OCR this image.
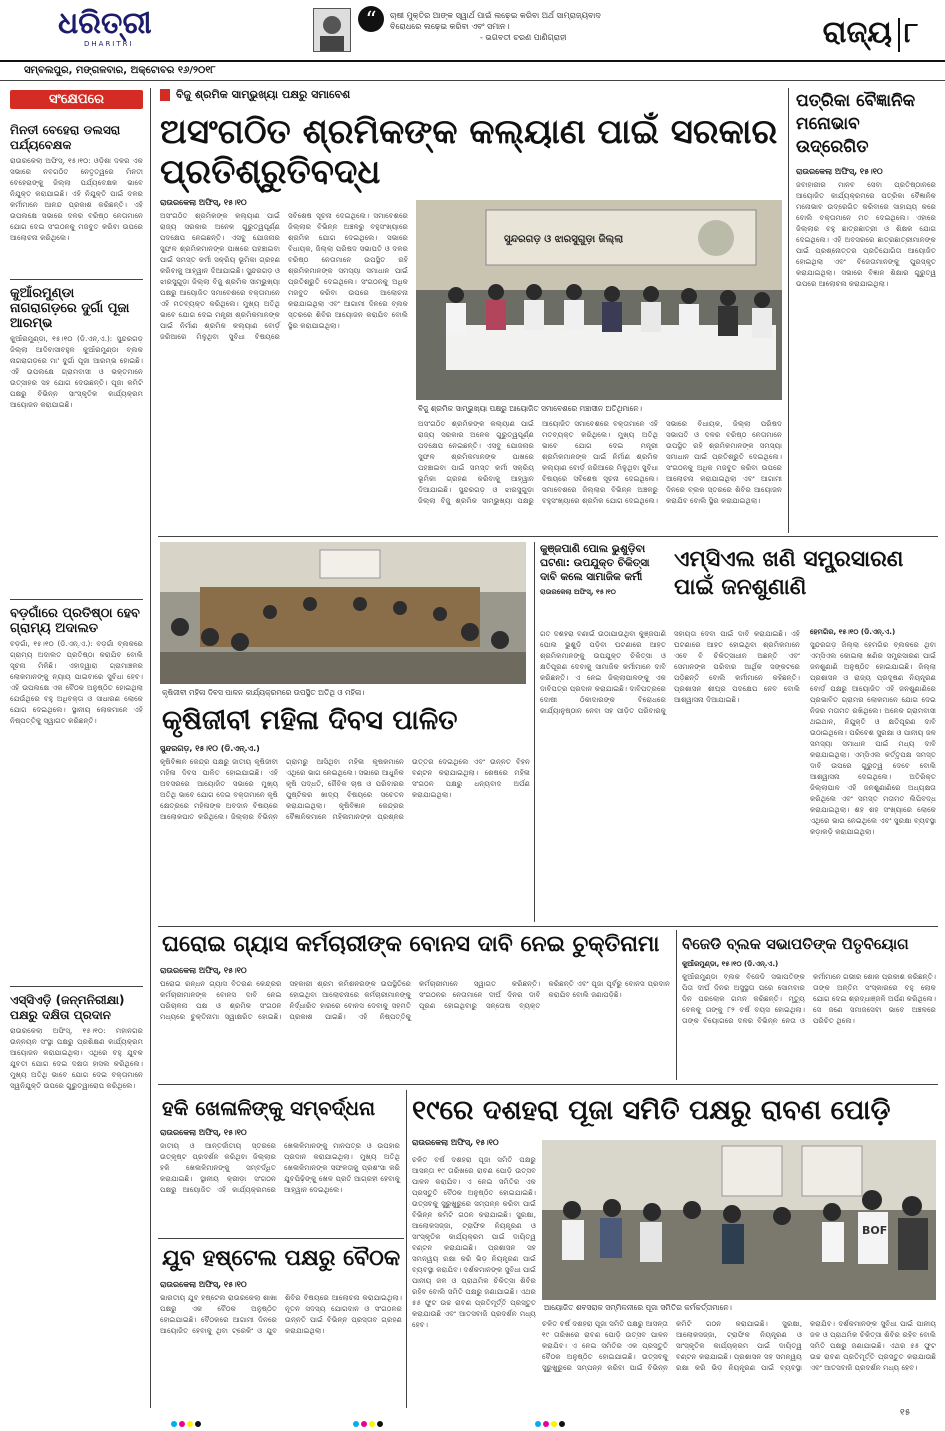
ଧରିତ୍ରୀ
DHARITRI
“	ଚାଷୀ ମୁକ୍ତିର ଆଙ୍କ ସ୍ୱାର୍ଥ ପାଇଁ ଲଢ଼େଇ କରିବା ଅର୍ଥ ସାମ୍ରାଜ୍ୟବାଦ
ବିରୋଧରେ ଲଢ଼େଇ କରିବା ଏବଂ ସମାନ।
- ଭଗବତୀ ଚରଣ ପାଣିଗ୍ରାହୀ	ରାଜ୍ୟ ୮
ସମ୍ବଲପୁର, ମଙ୍ଗଳବାର, ଅକ୍ଟୋବର ୧୬/୨୦୧୮
ସଂକ୍ଷେପରେ
ମିନତୀ ବେହେରା ଡଲସରା ପର୍ଯ୍ୟବେକ୍ଷକ
ରାଉରକେଲା ଅଫିସ୍, ୧୫।୧୦: ଓଡ଼ିଶା ଦଳର ଏକ ସଭାରେ ନବଗଠିତ ନେତୃତ୍ୱରେ ମିନତୀ ବେହେରାଙ୍କୁ ଜିଲ୍ଲା ପର୍ଯ୍ୟବେକ୍ଷକ ଭାବେ ନିଯୁକ୍ତ କରାଯାଇଛି। ଏହି ନିଯୁକ୍ତି ପାଇଁ ଦଳର କର୍ମୀମାନେ ଆନନ୍ଦ ପ୍ରକାଶ କରିଛନ୍ତି। ଏହି ଉପଲକ୍ଷେ ସଭାରେ ଦଳର ବରିଷ୍ଠ ନେତାମାନେ ଯୋଗ ଦେଇ ସଂଗଠନକୁ ମଜବୁତ କରିବା ଉପରେ ଆଲୋଚନା କରିଥିଲେ।
କୁଆଁରମୁଣ୍ଡା ନାଗରାଗଡ଼ରେ ଦୁର୍ଗା ପୂଜା ଆରମ୍ଭ
କୁଆଁରମୁଣ୍ଡା, ୧୫।୧୦ (ଡି.ଏନ୍.ଏ.): ସୁନ୍ଦରଗଡ଼ ଜିଲ୍ଲା ଆଦିବାସୀବହୁଳ କୁଆଁରମୁଣ୍ଡା ବ୍ଲକ ନାଗରାଗଡ଼ରେ ମା' ଦୁର୍ଗା ପୂଜା ଆରମ୍ଭ ହୋଇଛି। ଏହି ଉପଲକ୍ଷେ ଗ୍ରାମବାସୀ ଓ ଭକ୍ତମାନେ ଉତ୍ସାହର ସହ ଯୋଗ ଦେଉଛନ୍ତି। ପୂଜା କମିଟି ପକ୍ଷରୁ ବିଭିନ୍ନ ସାଂସ୍କୃତିକ କାର୍ଯ୍ୟକ୍ରମ ଆୟୋଜନ କରାଯାଇଛି।
ବଡ଼ଗାଁରେ ପ୍ରତିଷ୍ଠା ହେବ ଗ୍ରାମ୍ୟ ଅଦାଲତ
ବଡ଼ଗାଁ, ୧୫।୧୦ (ଡି.ଏନ୍.ଏ.): ବଡ଼ଗାଁ ବ୍ଲକରେ ଗ୍ରାମ୍ୟ ଅଦାଲତ ପ୍ରତିଷ୍ଠା କରାଯିବ ବୋଲି ସୂଚନା ମିଳିଛି। ଏହାଦ୍ୱାରା ଗ୍ରାମାଞ୍ଚଳର ଲୋକମାନଙ୍କୁ ନ୍ୟାୟ ପାଇବାରେ ସୁବିଧା ହେବ। ଏହି ଉପଲକ୍ଷେ ଏକ ବୈଠକ ଅନୁଷ୍ଠିତ ହୋଇଥିଲା ଯେଉଁଥିରେ ବହୁ ଅଧିବକ୍ତା ଓ ସାଧାରଣ ଲୋକେ ଯୋଗ ଦେଇଥିଲେ। ସ୍ଥାନୀୟ ଲୋକମାନେ ଏହି ନିଷ୍ପତ୍ତିକୁ ସ୍ୱାଗତ କରିଛନ୍ତି।
ଏସ୍‌ସିଏଡ଼ି (ଜନ୍ମନିରୀକ୍ଷା) ପକ୍ଷରୁ ଦକ୍ଷିତା ପ୍ରଦାନ
ରାଉରକେଲା ଅଫିସ୍, ୧୫।୧୦: ମହାନଗର ଉନ୍ନୟନ ସଂସ୍ଥା ପକ୍ଷରୁ ପ୍ରଶିକ୍ଷଣ କାର୍ଯ୍ୟକ୍ରମ ଆୟୋଜନ କରାଯାଇଥିଲା। ଏଥିରେ ବହୁ ଯୁବକ ଯୁବତୀ ଯୋଗ ଦେଇ ଦକ୍ଷତା ହାସଲ କରିଥିଲେ। ମୁଖ୍ୟ ଅତିଥି ଭାବେ ଯୋଗ ଦେଇ ବକ୍ତାମାନେ ସ୍ୱନିଯୁକ୍ତି ଉପରେ ଗୁରୁତ୍ୱାରୋପ କରିଥିଲେ।
ବିଜୁ ଶ୍ରମିକ ସାମ୍ଭୁଖ୍ୟା ପକ୍ଷରୁ ସମାବେଶ
ଅସଂଗଠିତ ଶ୍ରମିକଙ୍କ କଲ୍ୟାଣ ପାଇଁ ସରକାର ପ୍ରତିଶ୍ରୁତିବଦ୍ଧ
ରାଉରକେଲା ଅଫିସ୍, ୧୫।୧୦
ଅସଂଗଠିତ ଶ୍ରମିକଙ୍କ କଲ୍ୟାଣ ପାଇଁ ରାଜ୍ୟ ସରକାର ଅନେକ ଗୁରୁତ୍ୱପୂର୍ଣ୍ଣ ପଦକ୍ଷେପ ନେଇଛନ୍ତି। ଏସବୁ ଯୋଜନାର ସୁଫଳ ଶ୍ରମିକମାନଙ୍କ ପାଖରେ ପହଞ୍ଚାଇବା ପାଇଁ ସମସ୍ତ କର୍ମୀ ସକ୍ରିୟ ଭୂମିକା ଗ୍ରହଣ କରିବାକୁ ଆହ୍ୱାନ ଦିଆଯାଇଛି। ସୁନ୍ଦରଗଡ଼ ଓ ଝାରସୁଗୁଡ଼ା ଜିଲ୍ଲା ବିଜୁ ଶ୍ରମିକ ସାମ୍ଭୁଖ୍ୟା ପକ୍ଷରୁ ଆୟୋଜିତ ସମାବେଶରେ ବକ୍ତାମାନେ ଏହି ମତବ୍ୟକ୍ତ କରିଥିଲେ। ମୁଖ୍ୟ ଅତିଥି ଭାବେ ଯୋଗ ଦେଇ ମନ୍ତ୍ରୀ ଶ୍ରମିକମାନଙ୍କ ପାଇଁ ନିର୍ମାଣ ଶ୍ରମିକ କଲ୍ୟାଣ ବୋର୍ଡ଼ ଜରିଆରେ ମିଳୁଥିବା ସୁବିଧା ବିଷୟରେ ସବିଶେଷ ସୂଚନା ଦେଇଥିଲେ। ସମାବେଶରେ ଜିଲ୍ଲାର ବିଭିନ୍ନ ଅଞ୍ଚଳରୁ ବହୁସଂଖ୍ୟାରେ ଶ୍ରମିକ ଯୋଗ ଦେଇଥିଲେ। ସଭାରେ ବିଧାୟକ, ଜିଲ୍ଲା ପରିଷଦ ସଭାପତି ଓ ଦଳର ବରିଷ୍ଠ ନେତାମାନେ ଉପସ୍ଥିତ ରହି ଶ୍ରମିକମାନଙ୍କ ସମସ୍ୟା ସମାଧାନ ପାଇଁ ପ୍ରତିଶ୍ରୁତି ଦେଇଥିଲେ। ସଂଗଠନକୁ ଅଧିକ ମଜବୁତ କରିବା ଉପରେ ଆଲୋଚନା କରାଯାଇଥିଲା ଏବଂ ଆଗାମୀ ଦିନରେ ବ୍ଲକ ସ୍ତରରେ ଶିବିର ଆୟୋଜନ କରାଯିବ ବୋଲି ସ୍ଥିର କରାଯାଇଥିଲା।
ସୁନ୍ଦରଗଡ଼ ଓ ଝାରସୁଗୁଡ଼ା ଜିଲ୍ଲା
ବିଜୁ ଶ୍ରମିକ ସାମ୍ଭୁଖ୍ୟା ପକ୍ଷରୁ ଆୟୋଜିତ ସମାବେଶରେ ମଞ୍ଚାସୀନ ଅତିଥିମାନେ।
ଅସଂଗଠିତ ଶ୍ରମିକଙ୍କ କଲ୍ୟାଣ ପାଇଁ ରାଜ୍ୟ ସରକାର ଅନେକ ଗୁରୁତ୍ୱପୂର୍ଣ୍ଣ ପଦକ୍ଷେପ ନେଇଛନ୍ତି। ଏସବୁ ଯୋଜନାର ସୁଫଳ ଶ୍ରମିକମାନଙ୍କ ପାଖରେ ପହଞ୍ଚାଇବା ପାଇଁ ସମସ୍ତ କର୍ମୀ ସକ୍ରିୟ ଭୂମିକା ଗ୍ରହଣ କରିବାକୁ ଆହ୍ୱାନ ଦିଆଯାଇଛି। ସୁନ୍ଦରଗଡ଼ ଓ ଝାରସୁଗୁଡ଼ା ଜିଲ୍ଲା ବିଜୁ ଶ୍ରମିକ ସାମ୍ଭୁଖ୍ୟା ପକ୍ଷରୁ ଆୟୋଜିତ ସମାବେଶରେ ବକ୍ତାମାନେ ଏହି ମତବ୍ୟକ୍ତ କରିଥିଲେ। ମୁଖ୍ୟ ଅତିଥି ଭାବେ ଯୋଗ ଦେଇ ମନ୍ତ୍ରୀ ଶ୍ରମିକମାନଙ୍କ ପାଇଁ ନିର୍ମାଣ ଶ୍ରମିକ କଲ୍ୟାଣ ବୋର୍ଡ଼ ଜରିଆରେ ମିଳୁଥିବା ସୁବିଧା ବିଷୟରେ ସବିଶେଷ ସୂଚନା ଦେଇଥିଲେ। ସମାବେଶରେ ଜିଲ୍ଲାର ବିଭିନ୍ନ ଅଞ୍ଚଳରୁ ବହୁସଂଖ୍ୟାରେ ଶ୍ରମିକ ଯୋଗ ଦେଇଥିଲେ। ସଭାରେ ବିଧାୟକ, ଜିଲ୍ଲା ପରିଷଦ ସଭାପତି ଓ ଦଳର ବରିଷ୍ଠ ନେତାମାନେ ଉପସ୍ଥିତ ରହି ଶ୍ରମିକମାନଙ୍କ ସମସ୍ୟା ସମାଧାନ ପାଇଁ ପ୍ରତିଶ୍ରୁତି ଦେଇଥିଲେ। ସଂଗଠନକୁ ଅଧିକ ମଜବୁତ କରିବା ଉପରେ ଆଲୋଚନା କରାଯାଇଥିଲା ଏବଂ ଆଗାମୀ ଦିନରେ ବ୍ଲକ ସ୍ତରରେ ଶିବିର ଆୟୋଜନ କରାଯିବ ବୋଲି ସ୍ଥିର କରାଯାଇଥିଲା।
ପତ୍ରିକା ବୈଜ୍ଞାନିକ ମନୋଭାବ ଉଦ୍ରେଗିତ
ରାଉରକେଲା ଅଫିସ୍, ୧୫।୧୦
ଜବାହାରୀର ମାନବ ସେବା ପ୍ରତିଷ୍ଠାନରେ ଆୟୋଜିତ କାର୍ଯ୍ୟକ୍ରମରେ ପତ୍ରିକା ବୈଜ୍ଞାନିକ ମନୋଭାବ ଉଦ୍ରେଗିତ କରିବାରେ ସାହାଯ୍ୟ କରେ ବୋଲି ବକ୍ତାମାନେ ମତ ଦେଇଥିଲେ। ଏହାରେ ଜିଲ୍ଲାର ବହୁ ଛାତ୍ରଛାତ୍ରୀ ଓ ଶିକ୍ଷକ ଯୋଗ ଦେଇଥିଲେ। ଏହି ଅବସରରେ ଛାତ୍ରଛାତ୍ରୀମାନଙ୍କ ପାଇଁ ପ୍ରଶ୍ନୋତ୍ତର ପ୍ରତିଯୋଗିତା ଆୟୋଜିତ ହୋଇଥିଲା ଏବଂ ବିଜେତାମାନଙ୍କୁ ପୁରସ୍କୃତ କରାଯାଇଥିଲା। ସଭାରେ ବିଜ୍ଞାନ ଶିକ୍ଷାର ଗୁରୁତ୍ୱ ଉପରେ ଆଲୋଚନା କରାଯାଇଥିଲା।
କୃଷିଜୀବୀ ମହିଳା ଦିବସ ପାଳନ କାର୍ଯ୍ୟକ୍ରମରେ ଉପସ୍ଥିତ ଅତିଥି ଓ ମହିଳା।
କୃଷିଜୀବୀ ମହିଳା ଦିବସ ପାଳିତ
ସୁନ୍ଦରଗଡ଼, ୧୫।୧୦ (ଡି.ଏନ୍.ଏ.)
କୃଷିବିଜ୍ଞାନ କେନ୍ଦ୍ର ପକ୍ଷରୁ ଜାତୀୟ କୃଷିଜୀବୀ ମହିଳା ଦିବସ ପାଳିତ ହୋଇଯାଇଛି। ଏହି ଅବସରରେ ଆୟୋଜିତ ସଭାରେ ମୁଖ୍ୟ ଅତିଥି ଭାବେ ଯୋଗ ଦେଇ ବକ୍ତାମାନେ କୃଷି କ୍ଷେତ୍ରରେ ମହିଳାଙ୍କ ଅବଦାନ ବିଷୟରେ ଆଲୋକପାତ କରିଥିଲେ। ଜିଲ୍ଲାର ବିଭିନ୍ନ ଗ୍ରାମରୁ ଆସିଥିବା ମହିଳା କୃଷକମାନେ ଏଥିରେ ଭାଗ ନେଇଥିଲେ। ସଭାରେ ଆଧୁନିକ କୃଷି ପଦ୍ଧତି, ଜୈବିକ ଚାଷ ଓ ପରିବାରର ପୁଷ୍ଟିକର ଖାଦ୍ୟ ବିଷୟରେ ସଚେତନ କରାଯାଇଥିଲା। କୃଷିବିଜ୍ଞାନ କେନ୍ଦ୍ରର ବୈଜ୍ଞାନିକମାନେ ମହିଳାମାନଙ୍କ ପ୍ରଶ୍ନର ଉତ୍ତର ଦେଇଥିଲେ ଏବଂ ଉନ୍ନତ ବିହନ ବଣ୍ଟନ କରାଯାଇଥିଲା। ଶେଷରେ ମହିଳା ସଂଗଠନ ପକ୍ଷରୁ ଧନ୍ୟବାଦ ଅର୍ପଣ କରାଯାଇଥିଲା।
କୁଞ୍ଜପାଣି ପୋଲ ଭୁଶୁଡ଼ିବା ଘଟଣା: ଉପଯୁକ୍ତ ଚିକିତ୍ସା ଦାବି କଲେ ସାମାଜିକ କର୍ମୀ
ରାଉରକେଲା ଅଫିସ୍, ୧୫।୧୦
ଗତ ଦଶହରା ବଣାଇଁ ଉଠାଯାଉଥିବା କୁଞ୍ଜପାଣି ପୋଲ ଭୁଶୁଡ଼ି ପଡ଼ିବା ଘଟଣାରେ ଆହତ ଶ୍ରମିକମାନଙ୍କୁ ଉପଯୁକ୍ତ ଚିକିତ୍ସା ଓ କ୍ଷତିପୂରଣ ଦେବାକୁ ସାମାଜିକ କର୍ମୀମାନେ ଦାବି କରିଛନ୍ତି। ଏ ନେଇ ଜିଲ୍ଲାପାଳଙ୍କୁ ଏକ ଦାବିପତ୍ର ପ୍ରଦାନ କରାଯାଇଛି। ଦାବିପତ୍ରରେ ଦୋଷୀ ଠିକାଦାରଙ୍କ ବିରୋଧରେ କାର୍ଯ୍ୟାନୁଷ୍ଠାନ ନେବା ସହ ପୀଡ଼ିତ ପରିବାରକୁ ସହାୟତା ଦେବା ପାଇଁ ଦାବି କରାଯାଇଛି। ଏହି ଘଟଣାରେ ଆହତ ହୋଇଥିବା ଶ୍ରମିକମାନେ ଏବେ ବି ଚିକିତ୍ସାଧୀନ ଅଛନ୍ତି ଏବଂ ସେମାନଙ୍କ ପରିବାର ଆର୍ଥିକ ସଙ୍କଟରେ ପଡ଼ିଛନ୍ତି ବୋଲି କର୍ମୀମାନେ କହିଛନ୍ତି। ପ୍ରଶାସନ ଶୀଘ୍ର ପଦକ୍ଷେପ ନେବ ବୋଲି ଆଶ୍ୱାସନା ଦିଆଯାଇଛି।
ଏମ୍‌ସିଏଲ ଖଣି ସମ୍ପ୍ରସାରଣ ପାଇଁ ଜନଶୁଣାଣି
ହେମଗିର, ୧୫।୧୦ (ଡି.ଏନ୍.ଏ.)
ସୁନ୍ଦରଗଡ଼ ଜିଲ୍ଲା ହେମଗିର ବ୍ଲକରେ ଥିବା ଏମ୍‌ସିଏଲ କୋଇଲା ଖଣିର ସମ୍ପ୍ରସାରଣ ପାଇଁ ଜନଶୁଣାଣି ଅନୁଷ୍ଠିତ ହୋଇଯାଇଛି। ଜିଲ୍ଲା ପ୍ରଶାସନ ଓ ରାଜ୍ୟ ପ୍ରଦୂଷଣ ନିୟନ୍ତ୍ରଣ ବୋର୍ଡ଼ ପକ୍ଷରୁ ଆୟୋଜିତ ଏହି ଜନଶୁଣାଣିରେ ପ୍ରଭାବିତ ଗ୍ରାମର ଲୋକମାନେ ଯୋଗ ଦେଇ ନିଜର ମତାମତ ରଖିଥିଲେ। ଅନେକ ଗ୍ରାମବାସୀ ଥଇଥାନ, ନିଯୁକ୍ତି ଓ କ୍ଷତିପୂରଣ ଦାବି ଉଠାଇଥିଲେ। ପରିବେଶ ସୁରକ୍ଷା ଓ ପାନୀୟ ଜଳ ସମସ୍ୟା ସମାଧାନ ପାଇଁ ମଧ୍ୟ ଦାବି କରାଯାଇଥିଲା। ଏମ୍‌ସିଏଲ କର୍ତ୍ତୃପକ୍ଷ ସମସ୍ତ ଦାବି ଉପରେ ଗୁରୁତ୍ୱ ଦେବେ ବୋଲି ଆଶ୍ୱାସନା ଦେଇଥିଲେ। ଅତିରିକ୍ତ ଜିଲ୍ଲାପାଳ ଏହି ଜନଶୁଣାଣିରେ ଅଧ୍ୟକ୍ଷତା କରିଥିଲେ ଏବଂ ସମସ୍ତ ମତାମତ ଲିପିବଦ୍ଧ କରାଯାଇଥିଲା। ଶହ ଶହ ସଂଖ୍ୟାରେ ଲୋକେ ଏଥିରେ ଭାଗ ନେଇଥିଲେ ଏବଂ ସୁରକ୍ଷା ବ୍ୟବସ୍ଥା କଡ଼ାକଡ଼ି କରାଯାଇଥିଲା।
ଘରୋଇ ଗ୍ୟାସ କର୍ମଚାରୀଙ୍କ ବୋନସ ଦାବି ନେଇ ଚୁକ୍ତିନାମା
ରାଉରକେଲା ଅଫିସ୍, ୧୫।୧୦
ଘରୋଇ ରନ୍ଧନ ଗ୍ୟାସ ବିତରଣ କେନ୍ଦ୍ରର କର୍ମଚାରୀମାନଙ୍କ ବୋନସ ଦାବି ନେଇ ପରିଚାଳନା ପକ୍ଷ ଓ ଶ୍ରମିକ ସଂଗଠନ ମଧ୍ୟରେ ଚୁକ୍ତିନାମା ସ୍ୱାକ୍ଷରିତ ହୋଇଛି। ସହକାରୀ ଶ୍ରମ କମିଶନରଙ୍କ ଉପସ୍ଥିତିରେ ହୋଇଥିବା ଆଲୋଚନାରେ କର୍ମଚାରୀମାନଙ୍କୁ ନିର୍ଦ୍ଧାରିତ ହାରରେ ବୋନସ ଦେବାକୁ ସହମତି ପ୍ରକାଶ ପାଇଛି। ଏହି ନିଷ୍ପତ୍ତିକୁ କର୍ମଚାରୀମାନେ ସ୍ୱାଗତ କରିଛନ୍ତି। ସଂଗଠନର ନେତାମାନେ ଦୀର୍ଘ ଦିନର ଦାବି ପୂରଣ ହୋଇଥିବାରୁ ସନ୍ତୋଷ ବ୍ୟକ୍ତ କରିଛନ୍ତି ଏବଂ ପୂଜା ପୂର୍ବରୁ ବୋନସ ପ୍ରଦାନ କରାଯିବ ବୋଲି ଜଣାପଡ଼ିଛି।
ବିଜେଡି ବ୍ଲକ ସଭାପତିଙ୍କ ପିତୃବିୟୋଗ
କୁଆଁରମୁଣ୍ଡା, ୧୫।୧୦ (ଡି.ଏନ୍.ଏ.)
କୁଆଁରମୁଣ୍ଡା ବ୍ଲକ ବିଜେଡି ସଭାପତିଙ୍କ ପିତା ଦୀର୍ଘ ଦିନର ଅସୁସ୍ଥତା ପରେ ସୋମବାର ଦିନ ପରଲୋକ ଗମନ କରିଛନ୍ତି। ମୃତ୍ୟୁ ବେଳକୁ ତାଙ୍କୁ ୮୨ ବର୍ଷ ବୟସ ହୋଇଥିଲା। ତାଙ୍କ ବିୟୋଗରେ ଦଳର ବିଭିନ୍ନ ନେତା ଓ କର୍ମୀମାନେ ଗଭୀର ଶୋକ ପ୍ରକାଶ କରିଛନ୍ତି। ତାଙ୍କ ଅନ୍ତିମ ସଂସ୍କାରରେ ବହୁ ଲୋକ ଯୋଗ ଦେଇ ଶ୍ରଦ୍ଧାଞ୍ଜଳି ଅର୍ପଣ କରିଥିଲେ। ସେ ଜଣେ ସମାଜସେବୀ ଭାବେ ଅଞ୍ଚଳରେ ପରିଚିତ ଥିଲେ।
ହକି ଖେଳାଳିଙ୍କୁ ସମ୍ବର୍ଦ୍ଧନା
ରାଉରକେଲା ଅଫିସ୍, ୧୫।୧୦
ଜାତୀୟ ଓ ଆନ୍ତର୍ଜାତୀୟ ସ୍ତରରେ ଉତ୍କୃଷ୍ଟ ପ୍ରଦର୍ଶନ କରିଥିବା ଜିଲ୍ଲାର ହକି ଖେଳାଳିମାନଙ୍କୁ ସମ୍ବର୍ଦ୍ଧିତ କରାଯାଇଛି। ସ୍ଥାନୀୟ କ୍ରୀଡ଼ା ସଂଗଠନ ପକ୍ଷରୁ ଆୟୋଜିତ ଏହି କାର୍ଯ୍ୟକ୍ରମରେ ଖେଳାଳିମାନଙ୍କୁ ମାନପତ୍ର ଓ ଉପହାର ପ୍ରଦାନ କରାଯାଇଥିଲା। ମୁଖ୍ୟ ଅତିଥି ଖେଳାଳିମାନଙ୍କ ସଫଳତାକୁ ପ୍ରଶଂସା କରି ଯୁବପିଢ଼ିଙ୍କୁ ଖେଳ ପ୍ରତି ଆଗ୍ରହୀ ହେବାକୁ ଆହ୍ୱାନ ଦେଇଥିଲେ।
ଯୁବ ହଷ୍ଟେଲ ପକ୍ଷରୁ ବୈଠକ
ରାଉରକେଲା ଅଫିସ୍, ୧୫।୧୦
ଭାରତୀୟ ଯୁବ ହଷ୍ଟେଲ ରାଉରକେଲା ଶାଖା ପକ୍ଷରୁ ଏକ ବୈଠକ ଅନୁଷ୍ଠିତ ହୋଇଯାଇଛି। ବୈଠକରେ ଆଗାମୀ ଦିନରେ ଆୟୋଜିତ ହେବାକୁ ଥିବା ଟ୍ରେକିଂ ଓ ଯୁବ ଶିବିର ବିଷୟରେ ଆଲୋଚନା କରାଯାଇଥିଲା। ନୂତନ ସଦସ୍ୟ ଯୋଗଦାନ ଓ ସଂଗଠନର ଉନ୍ନତି ପାଇଁ ବିଭିନ୍ନ ପ୍ରସ୍ତାବ ଗ୍ରହଣ କରାଯାଇଥିଲା।
୧୯ରେ ଦଶହରା ପୂଜା ସମିତି ପକ୍ଷରୁ ରାବଣ ପୋଡ଼ି
ରାଉରକେଲା ଅଫିସ୍, ୧୫।୧୦
ଚଳିତ ବର୍ଷ ଦଶହରା ପୂଜା ସମିତି ପକ୍ଷରୁ ଆସନ୍ତା ୧୯ ତାରିଖରେ ରାବଣ ପୋଡ଼ି ଉତ୍ସବ ପାଳନ କରାଯିବ। ଏ ନେଇ ସମିତିର ଏକ ପ୍ରସ୍ତୁତି ବୈଠକ ଅନୁଷ୍ଠିତ ହୋଇଯାଇଛି। ଉତ୍ସବକୁ ସୁରୁଖୁରୁରେ ସମ୍ପନ୍ନ କରିବା ପାଇଁ ବିଭିନ୍ନ କମିଟି ଗଠନ କରାଯାଇଛି। ସୁରକ୍ଷା, ଆଲୋକସଜ୍ଜା, ଟ୍ରାଫିକ ନିୟନ୍ତ୍ରଣ ଓ ସାଂସ୍କୃତିକ କାର୍ଯ୍ୟକ୍ରମ ପାଇଁ ଦାୟିତ୍ୱ ବଣ୍ଟନ କରାଯାଇଛି। ପ୍ରଶାସନ ସହ ସମନ୍ୱୟ ରକ୍ଷା କରି ଭିଡ଼ ନିୟନ୍ତ୍ରଣ ପାଇଁ ବ୍ୟବସ୍ଥା କରାଯିବ। ଦର୍ଶକମାନଙ୍କ ସୁବିଧା ପାଇଁ ପାନୀୟ ଜଳ ଓ ପ୍ରାଥମିକ ଚିକିତ୍ସା ଶିବିର ରହିବ ବୋଲି ସମିତି ପକ୍ଷରୁ ଜଣାଯାଇଛି। ଏଥର ୫୫ ଫୁଟ ଉଚ୍ଚ ରାବଣ ପ୍ରତିମୂର୍ତ୍ତି ପ୍ରସ୍ତୁତ କରାଯାଉଛି ଏବଂ ଆତସବାଜି ପ୍ରଦର୍ଶନ ମଧ୍ୟ ହେବ।
BOF
ଆୟୋଜିତ ଶବସରାକ ସମ୍ମିଳନୀରେ ପୂଜା ସମିତିର କର୍ମକର୍ତ୍ତାମାନେ।
ଚଳିତ ବର୍ଷ ଦଶହରା ପୂଜା ସମିତି ପକ୍ଷରୁ ଆସନ୍ତା ୧୯ ତାରିଖରେ ରାବଣ ପୋଡ଼ି ଉତ୍ସବ ପାଳନ କରାଯିବ। ଏ ନେଇ ସମିତିର ଏକ ପ୍ରସ୍ତୁତି ବୈଠକ ଅନୁଷ୍ଠିତ ହୋଇଯାଇଛି। ଉତ୍ସବକୁ ସୁରୁଖୁରୁରେ ସମ୍ପନ୍ନ କରିବା ପାଇଁ ବିଭିନ୍ନ କମିଟି ଗଠନ କରାଯାଇଛି। ସୁରକ୍ଷା, ଆଲୋକସଜ୍ଜା, ଟ୍ରାଫିକ ନିୟନ୍ତ୍ରଣ ଓ ସାଂସ୍କୃତିକ କାର୍ଯ୍ୟକ୍ରମ ପାଇଁ ଦାୟିତ୍ୱ ବଣ୍ଟନ କରାଯାଇଛି। ପ୍ରଶାସନ ସହ ସମନ୍ୱୟ ରକ୍ଷା କରି ଭିଡ଼ ନିୟନ୍ତ୍ରଣ ପାଇଁ ବ୍ୟବସ୍ଥା କରାଯିବ। ଦର୍ଶକମାନଙ୍କ ସୁବିଧା ପାଇଁ ପାନୀୟ ଜଳ ଓ ପ୍ରାଥମିକ ଚିକିତ୍ସା ଶିବିର ରହିବ ବୋଲି ସମିତି ପକ୍ଷରୁ ଜଣାଯାଇଛି। ଏଥର ୫୫ ଫୁଟ ଉଚ୍ଚ ରାବଣ ପ୍ରତିମୂର୍ତ୍ତି ପ୍ରସ୍ତୁତ କରାଯାଉଛି ଏବଂ ଆତସବାଜି ପ୍ରଦର୍ଶନ ମଧ୍ୟ ହେବ।

୧୫
